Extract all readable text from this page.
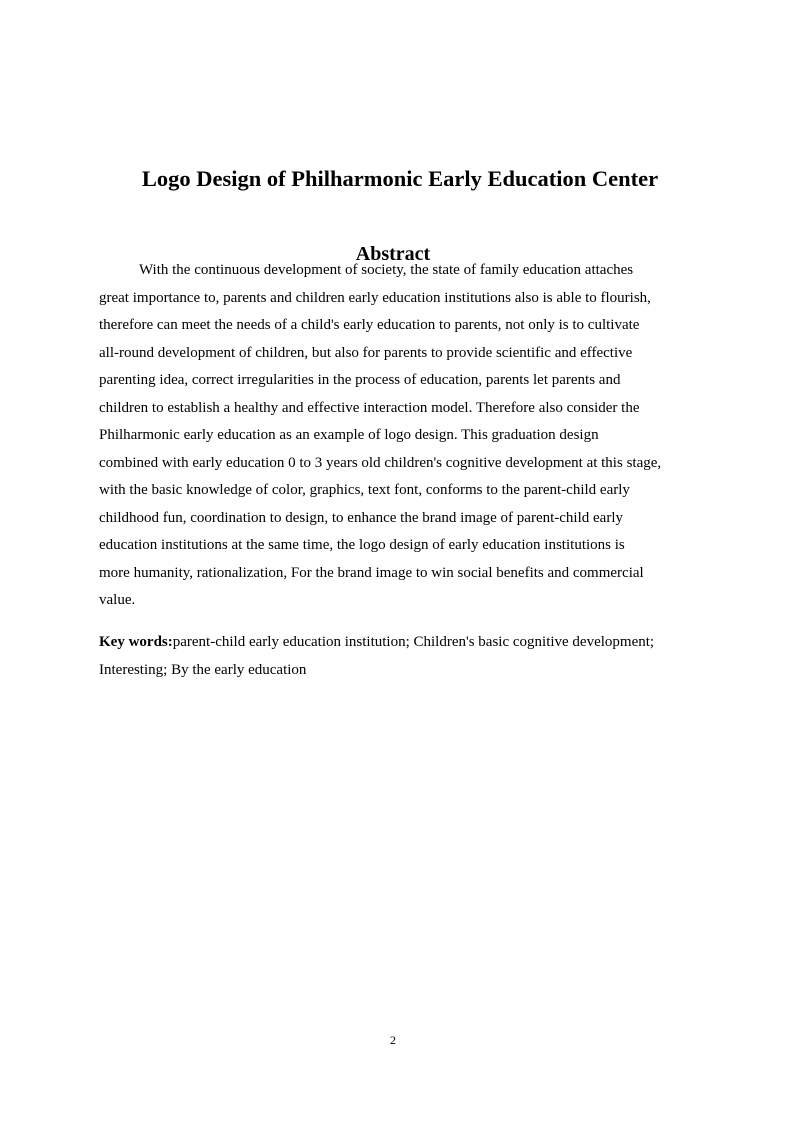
Logo Design of Philharmonic Early Education Center
Abstract

With the continuous development of society, the state of family education attaches
great importance to, parents and children early education institutions also is able to flourish,
therefore can meet the needs of a child's early education to parents, not only is to cultivate
all-round development of children, but also for parents to provide scientific and effective
parenting idea, correct irregularities in the process of education, parents let parents and
children to establish a healthy and effective interaction model. Therefore also consider the
Philharmonic early education as an example of logo design. This graduation design
combined with early education 0 to 3 years old children's cognitive development at this stage,
with the basic knowledge of color, graphics, text font, conforms to the parent-child early
childhood fun, coordination to design, to enhance the brand image of parent-child early
education institutions at the same time, the logo design of early education institutions is
more humanity, rationalization, For the brand image to win social benefits and commercial
value.

Key words:parent-child early education institution; Children's basic cognitive development;
Interesting; By the early education

2
